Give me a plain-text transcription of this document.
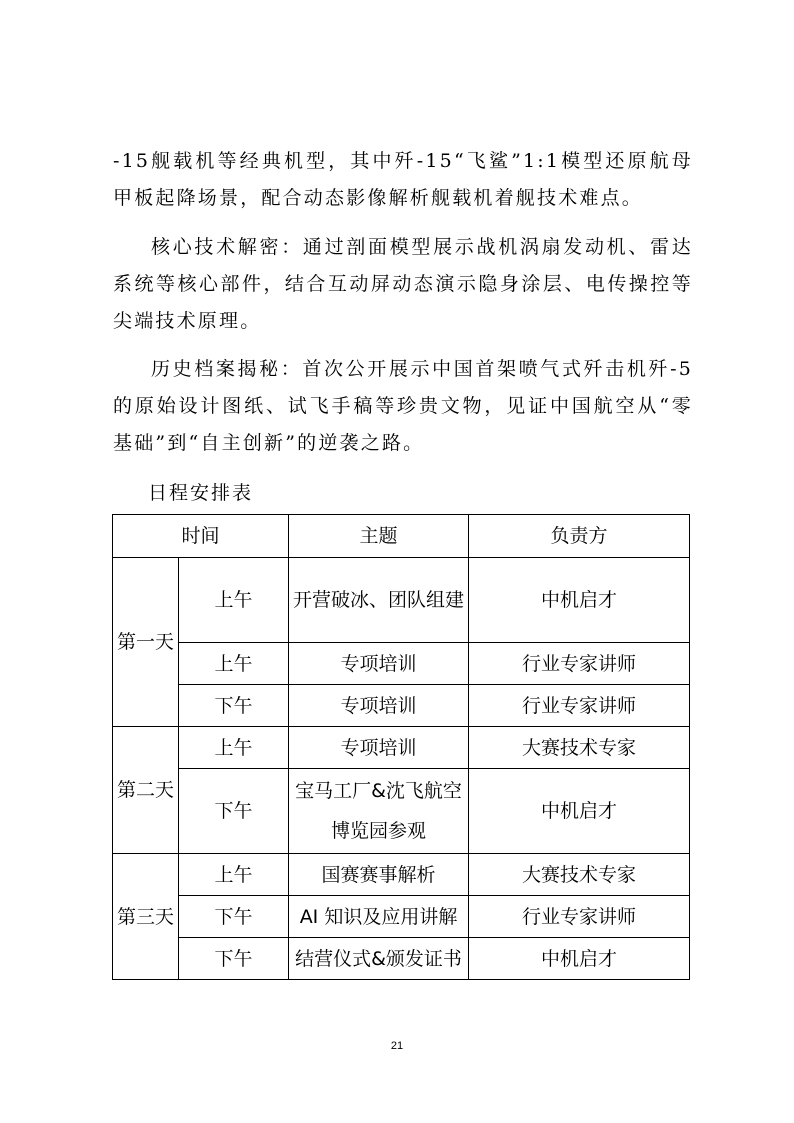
-15舰载机等经典机型，其中歼-15“飞鲨”1:1模型还原航母甲板起降场景，配合动态影像解析舰载机着舰技术难点。

核心技术解密：通过剖面模型展示战机涡扇发动机、雷达系统等核心部件，结合互动屏动态演示隐身涂层、电传操控等尖端技术原理。

历史档案揭秘：首次公开展示中国首架喷气式歼击机歼-5的原始设计图纸、试飞手稿等珍贵文物，见证中国航空从“零基础”到“自主创新”的逆袭之路。

日程安排表

时间		主题	负责方
第一天	上午	开营破冰、团队组建	中机启才
	上午	专项培训	行业专家讲师
	下午	专项培训	行业专家讲师
第二天	上午	专项培训	大赛技术专家
	下午	宝马工厂&沈飞航空博览园参观	中机启才
第三天	上午	国赛赛事解析	大赛技术专家
	下午	AI 知识及应用讲解	行业专家讲师
	下午	结营仪式&颁发证书	中机启才
21
